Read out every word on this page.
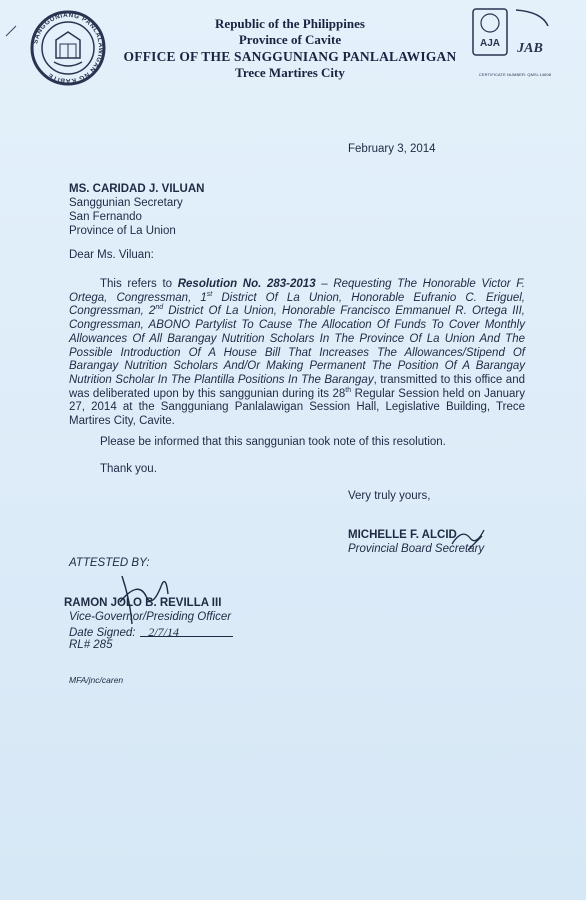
SANGGUNIANG PANLALAWIGAN NG KABITE
Republic of the Philippines
Province of Cavite
OFFICE OF THE SANGGUNIANG PANLALAWIGAN
Trece Martires City
AJA JAB
CERTIFICATE NUMBER: QMS/-14608
February 3, 2014
MS. CARIDAD J. VILUAN
Sanggunian Secretary
San Fernando
Province of La Union
Dear Ms. Viluan:
This refers to Resolution No. 283-2013 – Requesting The Honorable Victor F. Ortega, Congressman, 1st District Of La Union, Honorable Eufranio C. Eriguel, Congressman, 2nd District Of La Union, Honorable Francisco Emmanuel R. Ortega III, Congressman, ABONO Partylist To Cause The Allocation Of Funds To Cover Monthly Allowances Of All Barangay Nutrition Scholars In The Province Of La Union And The Possible Introduction Of A House Bill That Increases The Allowances/Stipend Of Barangay Nutrition Scholars And/Or Making Permanent The Position Of A Barangay Nutrition Scholar In The Plantilla Positions In The Barangay, transmitted to this office and was deliberated upon by this sanggunian during its 28th Regular Session held on January 27, 2014 at the Sangguniang Panlalawigan Session Hall, Legislative Building, Trece Martires City, Cavite.
Please be informed that this sanggunian took note of this resolution.
Thank you.
Very truly yours,
MICHELLE F. ALCID
Provincial Board Secretary
ATTESTED BY:
RAMON JOLO B. REVILLA III
Vice-Governor/Presiding Officer
Date Signed: 2/7/14
RL# 285
MFA/jnc/caren
